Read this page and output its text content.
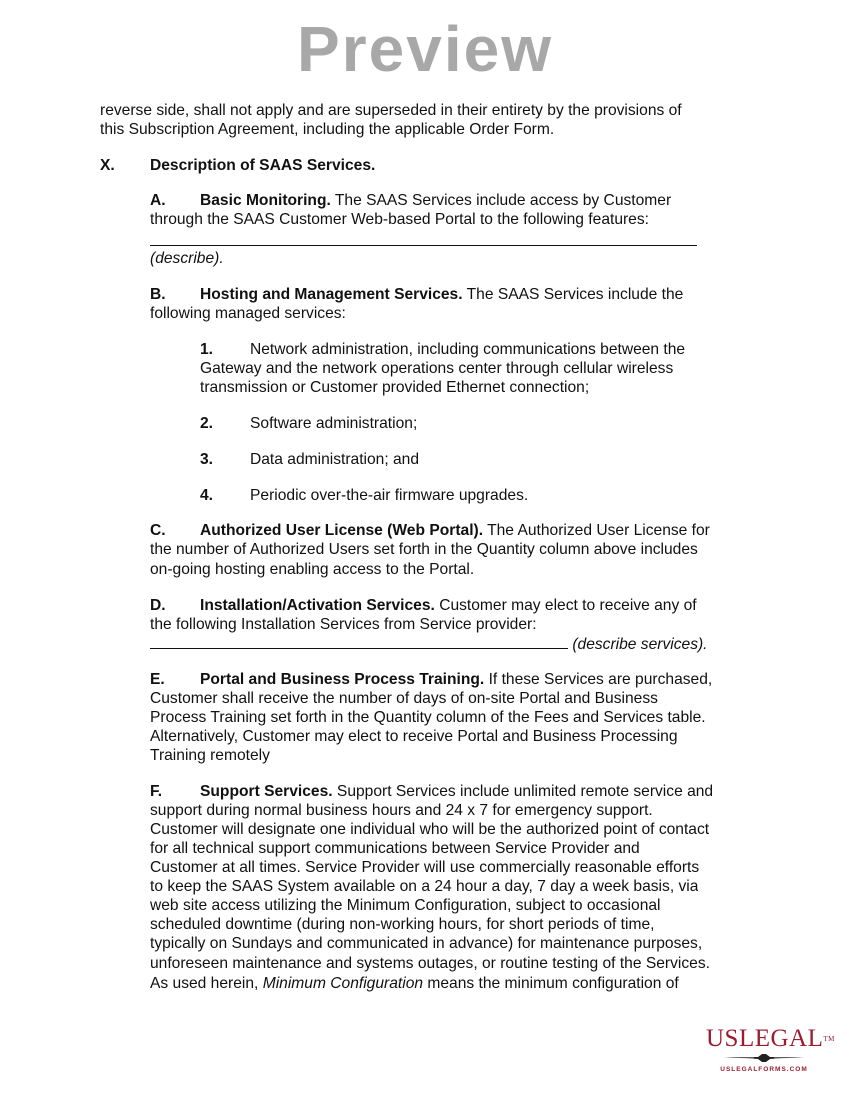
Preview
reverse side, shall not apply and are superseded in their entirety by the provisions of
this Subscription Agreement, including the applicable Order Form.
X. Description of SAAS Services.
A. Basic Monitoring. The SAAS Services include access by Customer
through the SAAS Customer Web-based Portal to the following features:
(describe).
B. Hosting and Management Services. The SAAS Services include the
following managed services:
1. Network administration, including communications between the
Gateway and the network operations center through cellular wireless
transmission or Customer provided Ethernet connection;
2. Software administration;
3. Data administration; and
4. Periodic over-the-air firmware upgrades.
C. Authorized User License (Web Portal). The Authorized User License for
the number of Authorized Users set forth in the Quantity column above includes
on-going hosting enabling access to the Portal.
D. Installation/Activation Services. Customer may elect to receive any of
the following Installation Services from Service provider:
(describe services).
E. Portal and Business Process Training. If these Services are purchased,
Customer shall receive the number of days of on-site Portal and Business
Process Training set forth in the Quantity column of the Fees and Services table.
Alternatively, Customer may elect to receive Portal and Business Processing
Training remotely
F. Support Services. Support Services include unlimited remote service and
support during normal business hours and 24 x 7 for emergency support.
Customer will designate one individual who will be the authorized point of contact
for all technical support communications between Service Provider and
Customer at all times. Service Provider will use commercially reasonable efforts
to keep the SAAS System available on a 24 hour a day, 7 day a week basis, via
web site access utilizing the Minimum Configuration, subject to occasional
scheduled downtime (during non-working hours, for short periods of time,
typically on Sundays and communicated in advance) for maintenance purposes,
unforeseen maintenance and systems outages, or routine testing of the Services.
As used herein, Minimum Configuration means the minimum configuration of
USLEGAL™
USLEGALFORMS.COM
